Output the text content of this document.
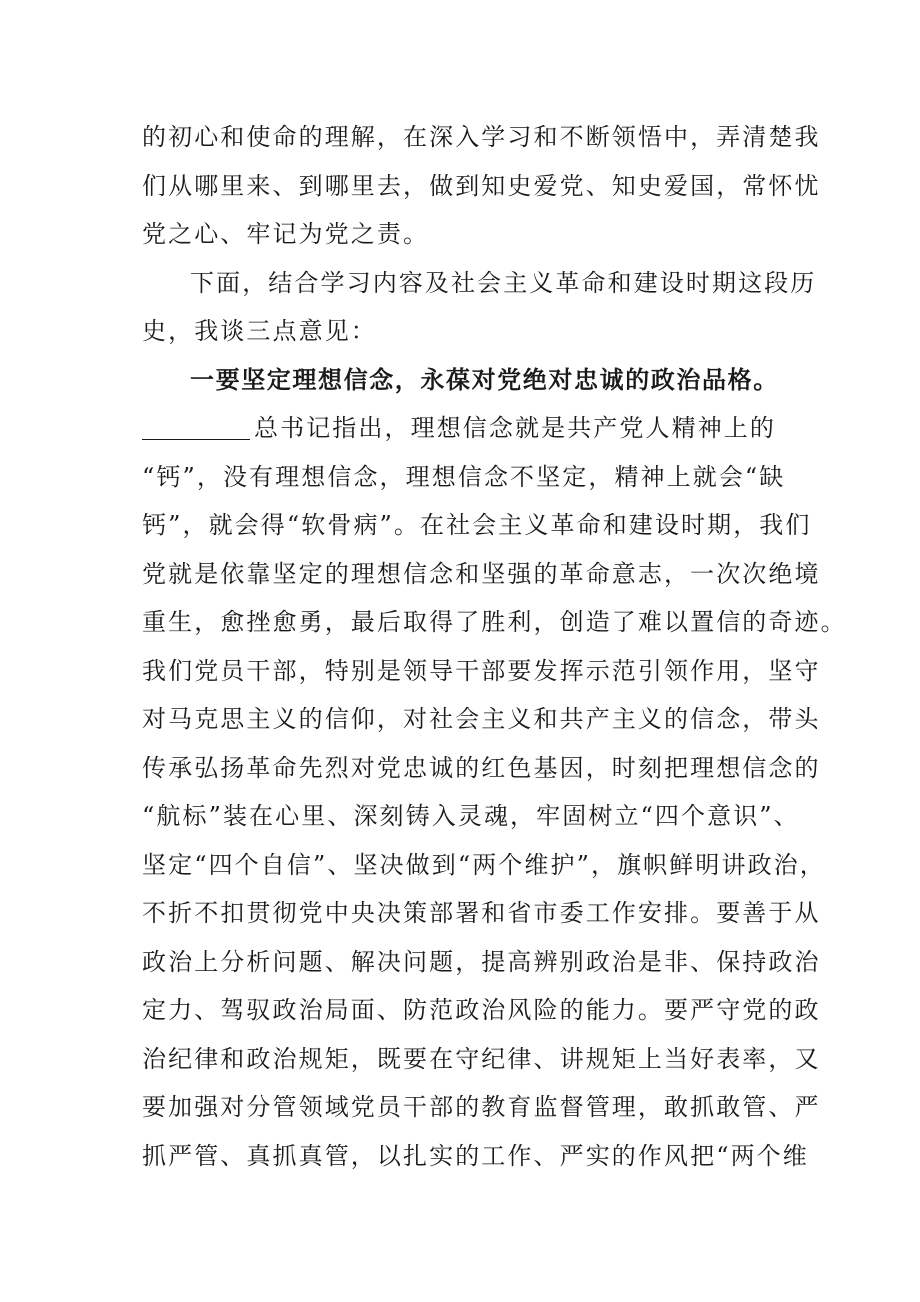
的初心和使命的理解，在深入学习和不断领悟中，弄清楚我
们从哪里来、到哪里去，做到知史爱党、知史爱国，常怀忧
党之心、牢记为党之责。
下面，结合学习内容及社会主义革命和建设时期这段历
史，我谈三点意见：
一要坚定理想信念，永葆对党绝对忠诚的政治品格。
总书记指出，理想信念就是共产党人精神上的
“钙”，没有理想信念，理想信念不坚定，精神上就会“缺
钙”，就会得“软骨病”。在社会主义革命和建设时期，我们
党就是依靠坚定的理想信念和坚强的革命意志，一次次绝境
重生，愈挫愈勇，最后取得了胜利，创造了难以置信的奇迹。
我们党员干部，特别是领导干部要发挥示范引领作用，坚守
对马克思主义的信仰，对社会主义和共产主义的信念，带头
传承弘扬革命先烈对党忠诚的红色基因，时刻把理想信念的
“航标”装在心里、深刻铸入灵魂，牢固树立“四个意识”、
坚定“四个自信”、坚决做到“两个维护”，旗帜鲜明讲政治，
不折不扣贯彻党中央决策部署和省市委工作安排。要善于从
政治上分析问题、解决问题，提高辨别政治是非、保持政治
定力、驾驭政治局面、防范政治风险的能力。要严守党的政
治纪律和政治规矩，既要在守纪律、讲规矩上当好表率，又
要加强对分管领域党员干部的教育监督管理，敢抓敢管、严
抓严管、真抓真管，以扎实的工作、严实的作风把“两个维
